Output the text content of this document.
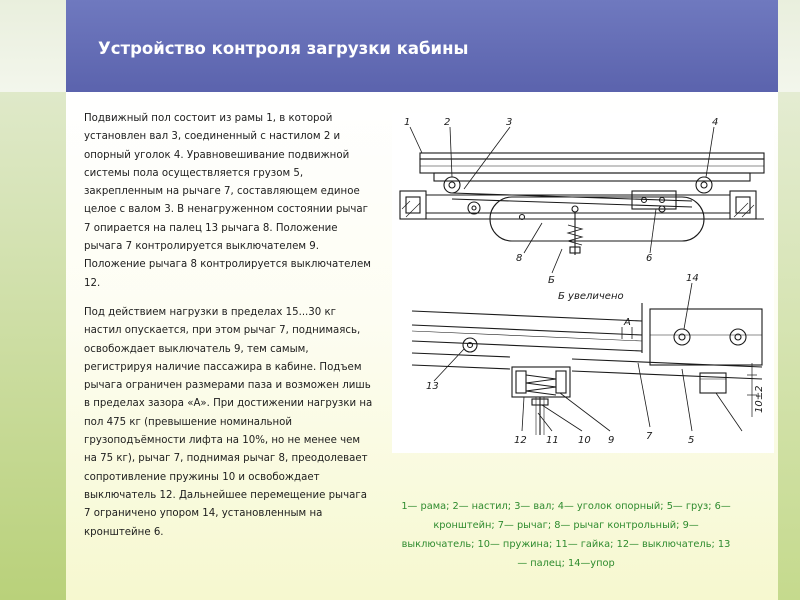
Устройство контроля загрузки кабины

Подвижный пол состоит из рамы 1, в которой установлен вал 3, соединенный с настилом 2 и опорный уголок 4. Уравновешивание подвижной системы пола осуществляется грузом 5, закрепленным на рычаге 7, составляющем единое целое с валом 3. В ненагруженном состоянии рычаг 7 опирается на палец 13 рычага 8. Положение рычага 7 контролируется выключателем 9. Положение рычага 8 контролируется выключателем 12.

Под действием нагрузки в пределах 15...30 кг настил опускается, при этом рычаг 7, поднимаясь, освобождает выключатель 9, тем самым, регистрируя наличие пассажира в кабине. Подъем рычага ограничен размерами паза и возможен лишь в пределах зазора «А». При достижении нагрузки на пол 475 кг (превышение номинальной грузоподъёмности лифта на 10%, но не менее чем на 75 кг), рычаг 7, поднимая рычаг 8, преодолевает сопротивление пружины 10 и освобождает выключатель 12. Дальнейшее перемещение рычага 7 ограничено упором 14, установленным на кронштейне 6.

1	2	3	4
8
Б
6
Б увеличено
14
А
13
12 11 10 9	7	5
10±2
1— рама; 2— настил; 3— вал; 4— уголок опорный; 5— груз; 6—кронштейн; 7— рычаг; 8— рычаг контрольный; 9— выключатель; 10— пружина; 11— гайка; 12— выключатель; 13— палец; 14—упор
